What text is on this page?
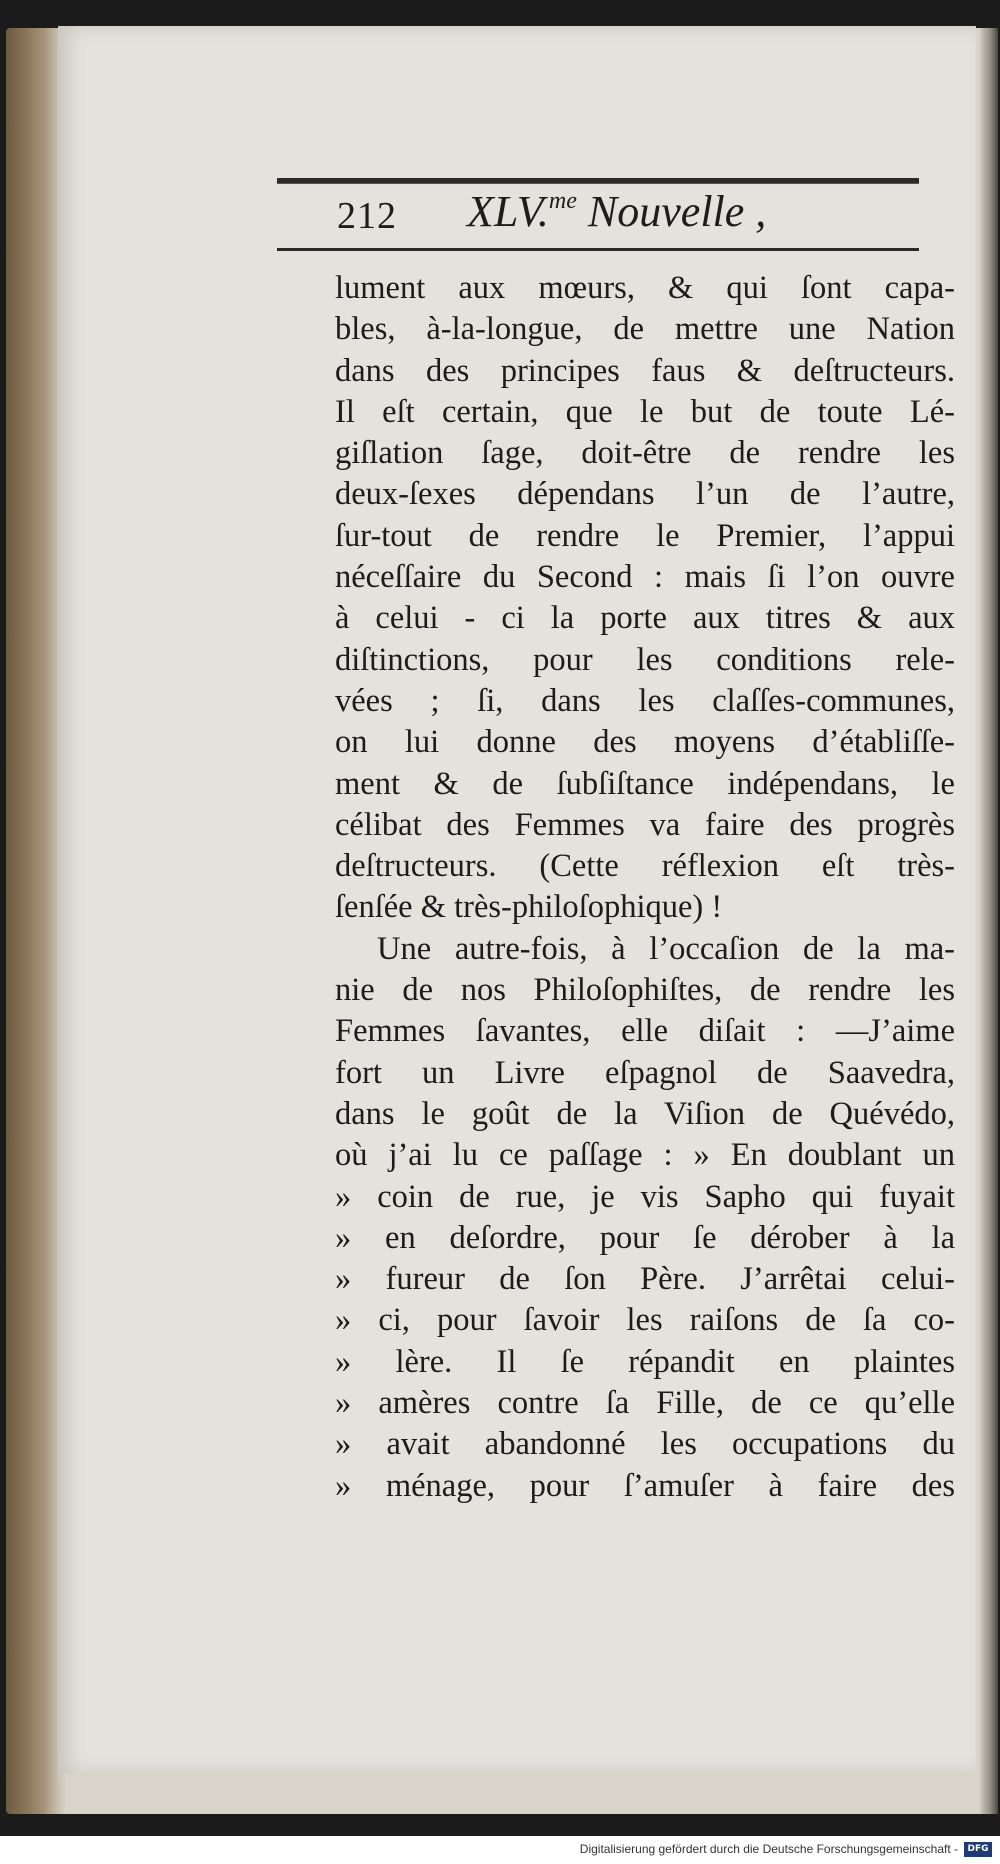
212 XLV.$^{me}$ Nouvelle ,
lument aux mœurs, & qui ſont capa-
bles, à-la-longue, de mettre une Nation
dans des principes faus & deſtructeurs.
Il eſt certain, que le but de toute Lé-
giſlation ſage, doit-être de rendre les
deux-ſexes dépendans l’un de l’autre,
ſur-tout de rendre le Premier, l’appui
néceſſaire du Second : mais ſi l’on ouvre
à celui - ci la porte aux titres & aux
diſtinctions, pour les conditions rele-
vées ; ſi, dans les claſſes-communes,
on lui donne des moyens d’établiſſe-
ment & de ſubſiſtance indépendans, le
célibat des Femmes va faire des progrès
deſtructeurs. (Cette réflexion eſt très-
ſenſée & très-philoſophique) !
Une autre-fois, à l’occaſion de la ma-
nie de nos Philoſophiſtes, de rendre les
Femmes ſavantes, elle diſait : —J’aime
fort un Livre eſpagnol de Saavedra,
dans le goût de la Viſion de Quévédo,
où j’ai lu ce paſſage : » En doublant un
» coin de rue, je vis Sapho qui fuyait
» en deſordre, pour ſe dérober à la
» fureur de ſon Père. J’arrêtai celui-
» ci, pour ſavoir les raiſons de ſa co-
» lère. Il ſe répandit en plaintes
» amères contre ſa Fille, de ce qu’elle
» avait abandonné les occupations du
» ménage, pour ſ’amuſer à faire des
Digitalisierung gefördert durch die Deutsche Forschungsgemeinschaft -	DFG
